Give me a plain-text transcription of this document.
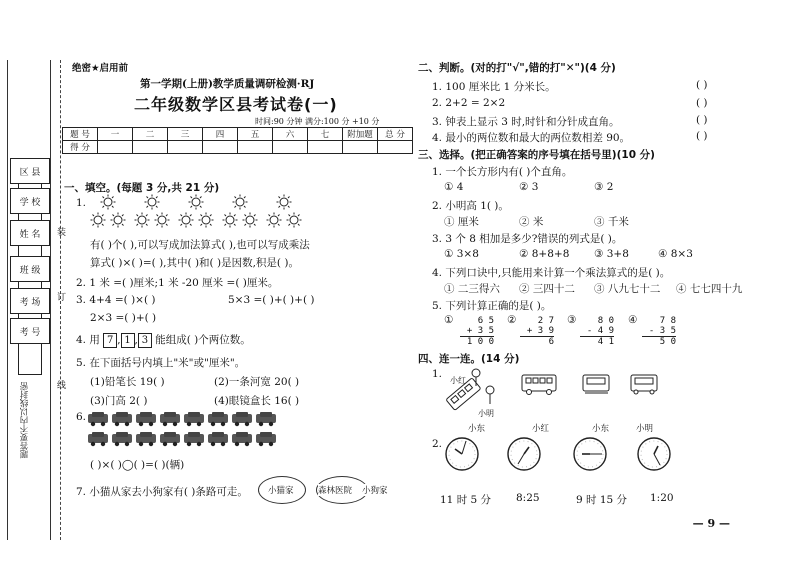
区 县
学 校
姓 名
班 级
考 场
考 号
装
订
线
题答要不内以线封密
绝密★启用前
第一学期(上册)教学质量调研检测·RJ
二年级数学区县考试卷(一)
时间:90 分钟 满分:100 分 +10 分
题 号	一	二	三	四	五	六	七	附加题	总 分
得 分									
一、填空。(每题 3 分,共 21 分)
1.
有( )个( ),可以写成加法算式( ),也可以写成乘法
算式( )×( )=( ),其中( )和( )是因数,积是( )。
2. 1 米 =( )厘米;1 米 -20 厘米 =( )厘米。
3. 4+4 =( )×( )	5×3 =( )+( )+( )
2×3 =( )+( )
4. 用 7 , 1 , 3 能组成( )个两位数。
5. 在下面括号内填上"米"或"厘米"。
(1)铅笔长 19( )	(2)一条河宽 20( )
(3)门高 2( )	(4)眼镜盒长 16( )
6.
( )×( )◯( )=( )(辆)
7. 小猫从家去小狗家有( )条路可走。 小猫家	森林医院 小狗家
二、判断。(对的打"√",错的打"✕")(4 分)
1. 100 厘米比 1 分米长。	( )
2. 2+2 = 2×2	( )
3. 钟表上显示 3 时,时针和分针成直角。	( )
4. 最小的两位数和最大的两位数相差 90。	( )
三、选择。(把正确答案的序号填在括号里)(10 分)
1. 一个长方形内有( )个直角。
① 4	② 3	③ 2
2. 小明高 1( )。
① 厘米	② 米	③ 千米
3. 3 个 8 相加是多少?错误的列式是( )。
① 3×8	② 8+8+8 ③ 3+8	④ 8×3
4. 下列口诀中,只能用来计算一个乘法算式的是( )。
① 二三得六 ② 三四十二 ③ 八九七十二 ④ 七七四十九
5. 下列计算正确的是( )。
①	6 5
+ 3 5
1 0 0
②	2 7
+ 3 9
6
③	8 0
- 4 9
4 1
④	7 8
- 3 5
5 0
四、连一连。(14 分)
1.
小红
小明
小东	小红	小东	小明
2.
11 时 5 分 8:25	9 时 15 分 1:20
— 9 —
